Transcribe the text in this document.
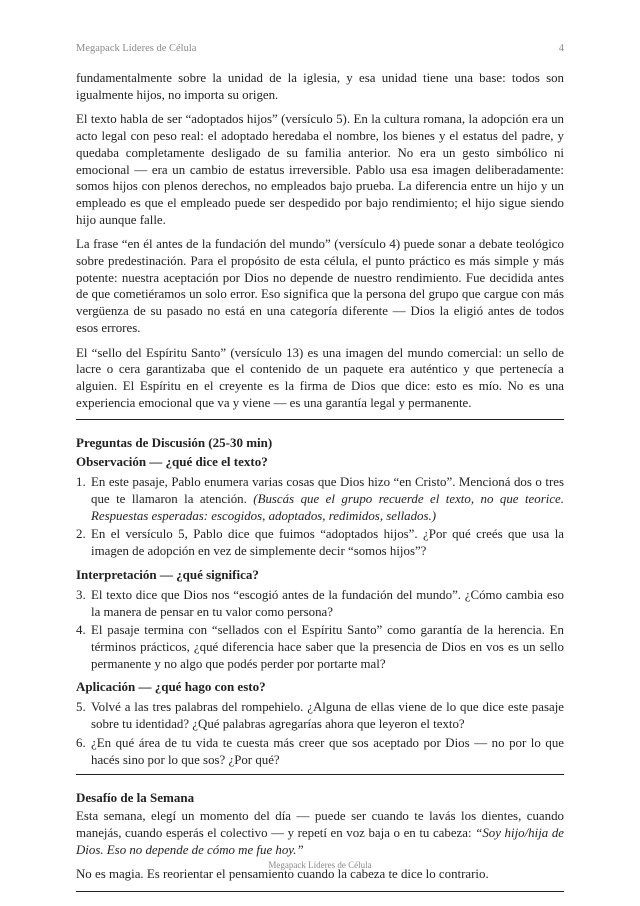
Megapack Líderes de Célula	4

fundamentalmente sobre la unidad de la iglesia, y esa unidad tiene una base: todos son igualmente hijos, no importa su origen.

El texto habla de ser “adoptados hijos” (versículo 5). En la cultura romana, la adopción era un acto legal con peso real: el adoptado heredaba el nombre, los bienes y el estatus del padre, y quedaba completamente desligado de su familia anterior. No era un gesto simbólico ni emocional — era un cambio de estatus irreversible. Pablo usa esa imagen deliberadamente: somos hijos con plenos derechos, no empleados bajo prueba. La diferencia entre un hijo y un empleado es que el empleado puede ser despedido por bajo rendimiento; el hijo sigue siendo hijo aunque falle.

La frase “en él antes de la fundación del mundo” (versículo 4) puede sonar a debate teológico sobre predestinación. Para el propósito de esta célula, el punto práctico es más simple y más potente: nuestra aceptación por Dios no depende de nuestro rendimiento. Fue decidida antes de que cometiéramos un solo error. Eso significa que la persona del grupo que cargue con más vergüenza de su pasado no está en una categoría diferente — Dios la eligió antes de todos esos errores.

El “sello del Espíritu Santo” (versículo 13) es una imagen del mundo comercial: un sello de lacre o cera garantizaba que el contenido de un paquete era auténtico y que pertenecía a alguien. El Espíritu en el creyente es la firma de Dios que dice: esto es mío. No es una experiencia emocional que va y viene — es una garantía legal y permanente.

Preguntas de Discusión (25-30 min)
Observación — ¿qué dice el texto?
1. En este pasaje, Pablo enumera varias cosas que Dios hizo “en Cristo”. Mencioná dos o tres que te llamaron la atención. (Buscás que el grupo recuerde el texto, no que teorice. Respuestas esperadas: escogidos, adoptados, redimidos, sellados.)
2. En el versículo 5, Pablo dice que fuimos “adoptados hijos”. ¿Por qué creés que usa la imagen de adopción en vez de simplemente decir “somos hijos”?
Interpretación — ¿qué significa?
3. El texto dice que Dios nos “escogió antes de la fundación del mundo”. ¿Cómo cambia eso la manera de pensar en tu valor como persona?
4. El pasaje termina con “sellados con el Espíritu Santo” como garantía de la herencia. En términos prácticos, ¿qué diferencia hace saber que la presencia de Dios en vos es un sello permanente y no algo que podés perder por portarte mal?
Aplicación — ¿qué hago con esto?
5. Volvé a las tres palabras del rompehielo. ¿Alguna de ellas viene de lo que dice este pasaje sobre tu identidad? ¿Qué palabras agregarías ahora que leyeron el texto?
6. ¿En qué área de tu vida te cuesta más creer que sos aceptado por Dios — no por lo que hacés sino por lo que sos? ¿Por qué?
Desafío de la Semana

Esta semana, elegí un momento del día — puede ser cuando te lavás los dientes, cuando manejás, cuando esperás el colectivo — y repetí en voz baja o en tu cabeza: “Soy hijo/hija de Dios. Eso no depende de cómo me fue hoy.”

No es magia. Es reorientar el pensamiento cuando la cabeza te dice lo contrario.

Megapack Líderes de Célula
